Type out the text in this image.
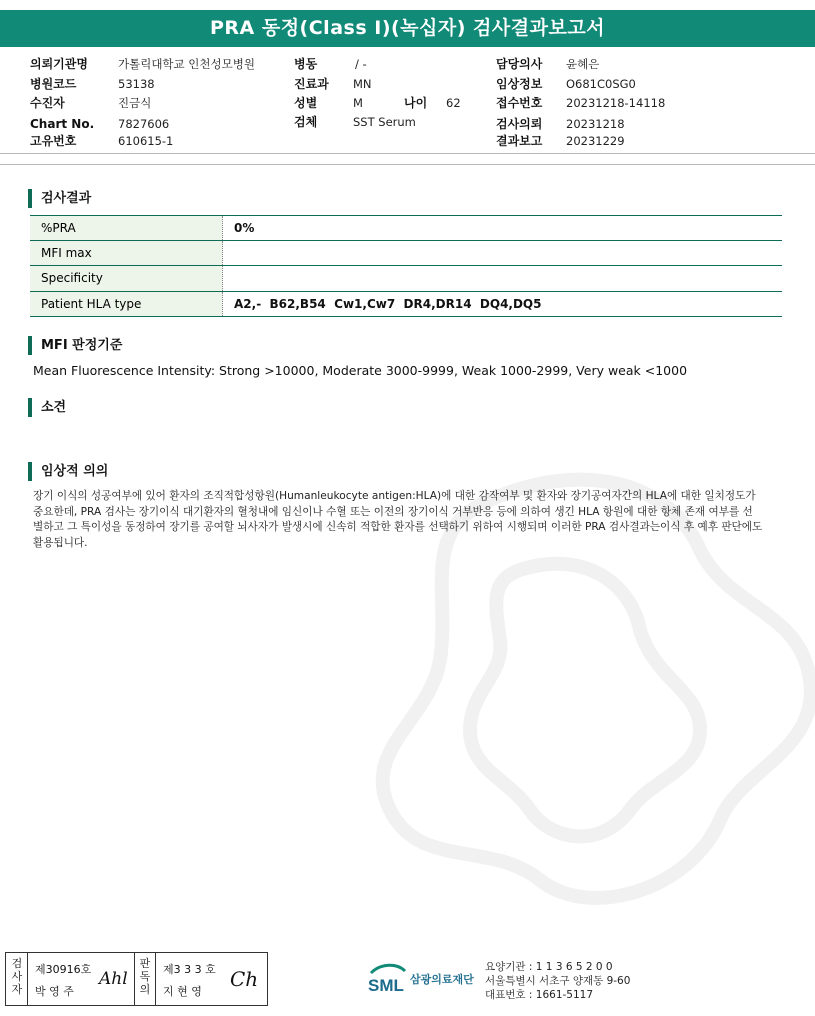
PRA 동정(Class I)(녹십자) 검사결과보고서
의뢰기관명	가톨릭대학교 인천성모병원
병원코드	53138
수진자	진금식
Chart No. 7827606
고유번호	610615-1
병동	/ -
진료과 MN
성별	M	나이 62
검체	SST Serum
담당의사 윤혜은
임상정보 O681C0SG0
접수번호 20231218-14118
검사의뢰 20231218
결과보고 20231229
검사결과
%PRA	0%
MFI max
Specificity
Patient HLA type	A2,-  B62,B54  Cw1,Cw7  DR4,DR14  DQ4,DQ5
MFI 판정기준
Mean Fluorescence Intensity: Strong >10000, Moderate 3000-9999, Weak 1000-2999, Very weak <1000
소견
임상적 의의
장기 이식의 성공여부에 있어 환자의 조직적합성항원(Humanleukocyte antigen:HLA)에 대한 감작여부 및 환자와 장기공여자간의 HLA에 대한 일치정도가 중요한데, PRA 검사는 장기이식 대기환자의 혈청내에 임신이나 수혈 또는 이전의 장기이식 거부반응 등에 의하여 생긴 HLA 항원에 대한 항체 존재 여부를 선별하고 그 특이성을 동정하여 장기를 공여할 뇌사자가 발생시에 신속히 적합한 환자를 선택하기 위하여 시행되며 이러한 PRA 검사결과는이식 후 예후 판단에도 활용됩니다.
검사자
제30916호
박 영 주
Ahl
판독의
제3 3 3 호
지 현 영
Ch	SML 삼광의료재단
요양기관 : 1 1 3 6 5 2 0 0
서울특별시 서초구 양재동 9-60
대표번호 : 1661-5117
